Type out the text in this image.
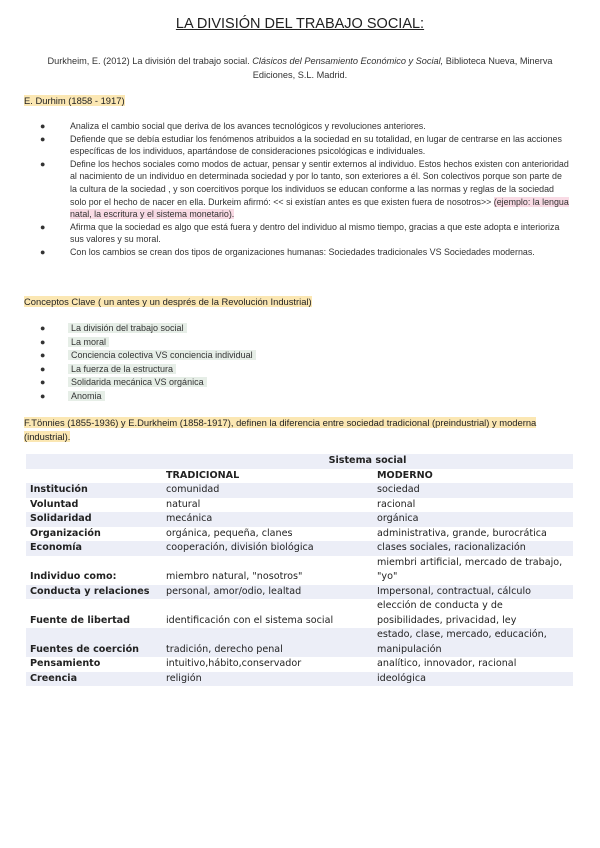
LA DIVISIÓN DEL TRABAJO SOCIAL:
Durkheim, E. (2012) La división del trabajo social. Clásicos del Pensamiento Económico y Social, Biblioteca Nueva, Minerva Ediciones, S.L. Madrid.
E. Durhim (1858 - 1917)
●	Analiza el cambio social que deriva de los avances tecnológicos y revoluciones anteriores.
●	Defiende que se debía estudiar los fenómenos atribuidos a la sociedad en su totalidad, en lugar de centrarse en las acciones específicas de los individuos, apartándose de consideraciones psicológicas e individuales.
●	Define los hechos sociales como modos de actuar, pensar y sentir externos al individuo. Estos hechos existen con anterioridad al nacimiento de un individuo en determinada sociedad y por lo tanto, son exteriores a él. Son colectivos porque son parte de la cultura de la sociedad , y son coercitivos porque los individuos se educan conforme a las normas y reglas de la sociedad solo por el hecho de nacer en ella. Durkeim afirmó: << si existían antes es que existen fuera de nosotros>> (ejemplo: la lengua natal, la escritura y el sistema monetario).
●	Afirma que la sociedad es algo que está fuera y dentro del individuo al mismo tiempo, gracias a que este adopta e interioriza sus valores y su moral.
●	Con los cambios se crean dos tipos de organizaciones humanas: Sociedades tradicionales VS Sociedades modernas.
Conceptos Clave ( un antes y un després de la Revolución Industrial)
●	La división del trabajo social
●	La moral
●	Conciencia colectiva VS conciencia individual
●	La fuerza de la estructura
●	Solidarida mecánica VS orgánica
●	Anomia
F.Tönnies (1855-1936) y E.Durkheim (1858-1917), definen la diferencia entre sociedad tradicional (preindustrial) y moderna (industrial).
	Sistema social	
	TRADICIONAL	MODERNO
Institución	comunidad	sociedad
Voluntad	natural	racional
Solidaridad	mecánica	orgánica
Organización	orgánica, pequeña, clanes	administrativa, grande, burocrática
Economía	cooperación, división biológica	clases sociales, racionalización
Individuo como:	miembro natural, "nosotros"	miembri artificial, mercado de trabajo, "yo"
Conducta y relaciones	personal, amor/odio, lealtad	Impersonal, contractual, cálculo
Fuente de libertad	identificación con el sistema social	elección de conducta y de posibilidades, privacidad, ley
Fuentes de coerción	tradición, derecho penal	estado, clase, mercado, educación, manipulación
Pensamiento	intuitivo,hábito,conservador	analítico, innovador, racional
Creencia	religión	ideológica
